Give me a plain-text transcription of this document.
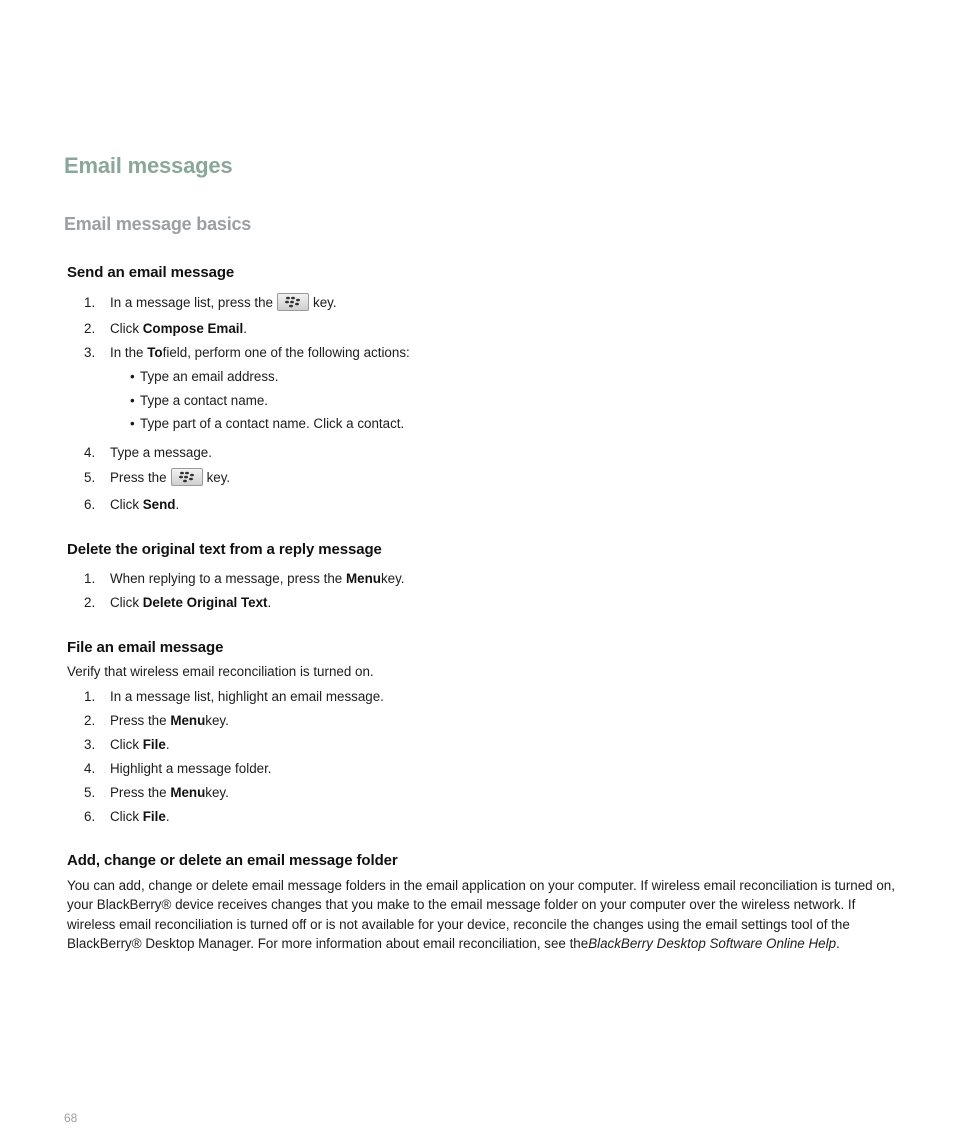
Email messages
Email message basics
Send an email message
1.	In a message list, press the	key.
2.	Click
Compose Email .
3.	In the
To field, perform one of the following actions:
• Type an email address.
• Type a contact name.
• Type part of a contact name. Click a contact.
4.	Type a message.
5.	Press the	key.
6.	Click
Send .
Delete the original text from a reply message
1.	When replying to a message, press the
Menu key.
2.	Click
Delete Original Text .
File an email message

Verify that wireless email reconciliation is turned on.

1.	In a message list, highlight an email message.
2.	Press the
Menu key.
3.	Click
File .
4.	Highlight a message folder.
5.	Press the
Menu key.
6.	Click
File .
Add, change or delete an email message folder

You can add, change or delete email message folders in the email application on your computer. If wireless email reconciliation is turned on, your BlackBerry® device receives changes that you make to the email message folder on your computer over the wireless network. If wireless email reconciliation is turned off or is not available for your device, reconcile the changes using the email settings tool of the BlackBerry® Desktop Manager. For more information about email reconciliation, see theBlackBerry Desktop Software Online Help.

68
